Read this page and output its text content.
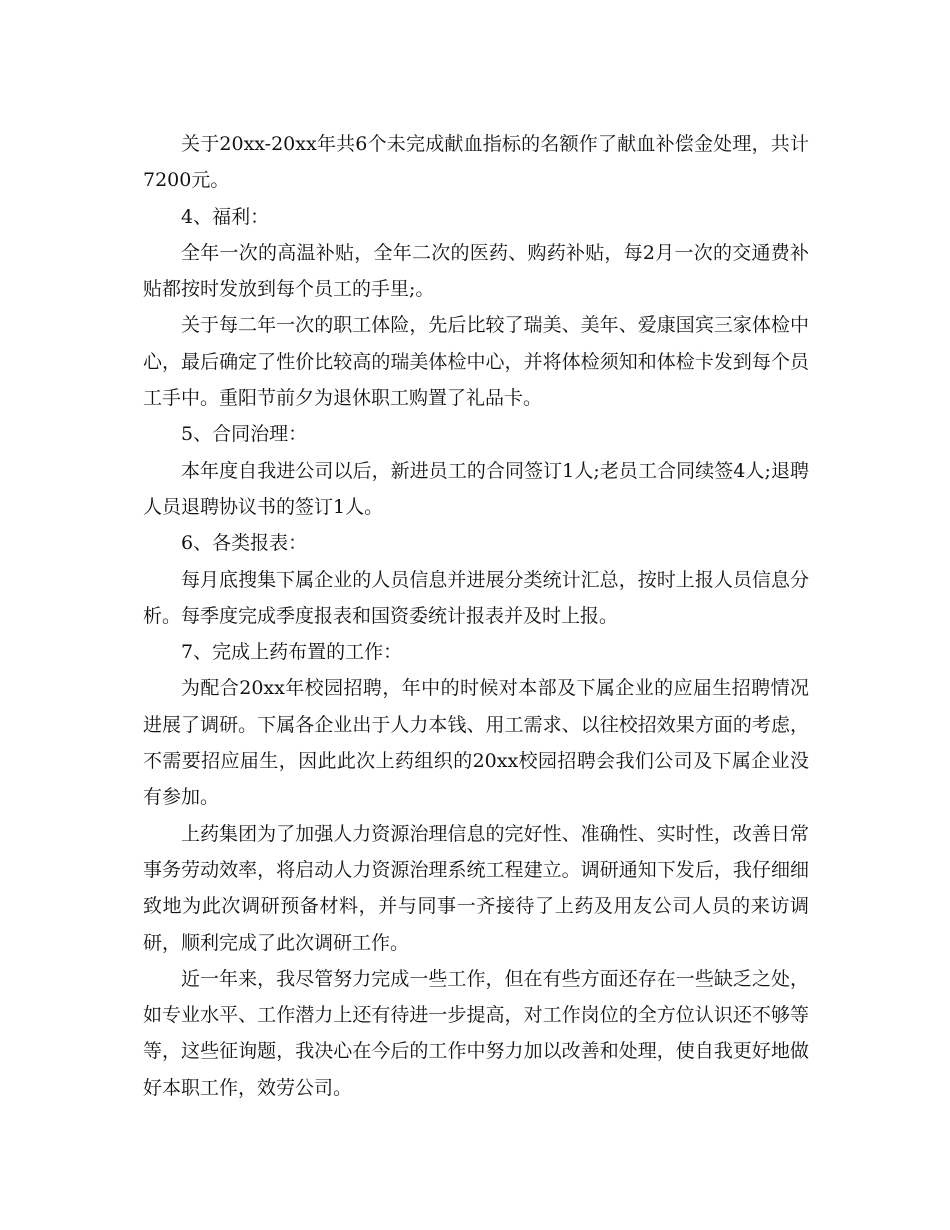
关于20xx-20xx年共6个未完成献血指标的名额作了献血补偿金处理，共计7200元。

4、福利：

全年一次的高温补贴，全年二次的医药、购药补贴，每2月一次的交通费补贴都按时发放到每个员工的手里;。

关于每二年一次的职工体险，先后比较了瑞美、美年、爱康国宾三家体检中心，最后确定了性价比较高的瑞美体检中心，并将体检须知和体检卡发到每个员工手中。重阳节前夕为退休职工购置了礼品卡。

5、合同治理：

本年度自我进公司以后，新进员工的合同签订1人;老员工合同续签4人;退聘人员退聘协议书的签订1人。

6、各类报表：

每月底搜集下属企业的人员信息并进展分类统计汇总，按时上报人员信息分析。每季度完成季度报表和国资委统计报表并及时上报。

7、完成上药布置的工作：

为配合20xx年校园招聘，年中的时候对本部及下属企业的应届生招聘情况进展了调研。下属各企业出于人力本钱、用工需求、以往校招效果方面的考虑，不需要招应届生，因此此次上药组织的20xx校园招聘会我们公司及下属企业没有参加。

上药集团为了加强人力资源治理信息的完好性、准确性、实时性，改善日常事务劳动效率，将启动人力资源治理系统工程建立。调研通知下发后，我仔细细致地为此次调研预备材料，并与同事一齐接待了上药及用友公司人员的来访调研，顺利完成了此次调研工作。

近一年来，我尽管努力完成一些工作，但在有些方面还存在一些缺乏之处，如专业水平、工作潜力上还有待进一步提高，对工作岗位的全方位认识还不够等等，这些征询题，我决心在今后的工作中努力加以改善和处理，使自我更好地做好本职工作，效劳公司。
